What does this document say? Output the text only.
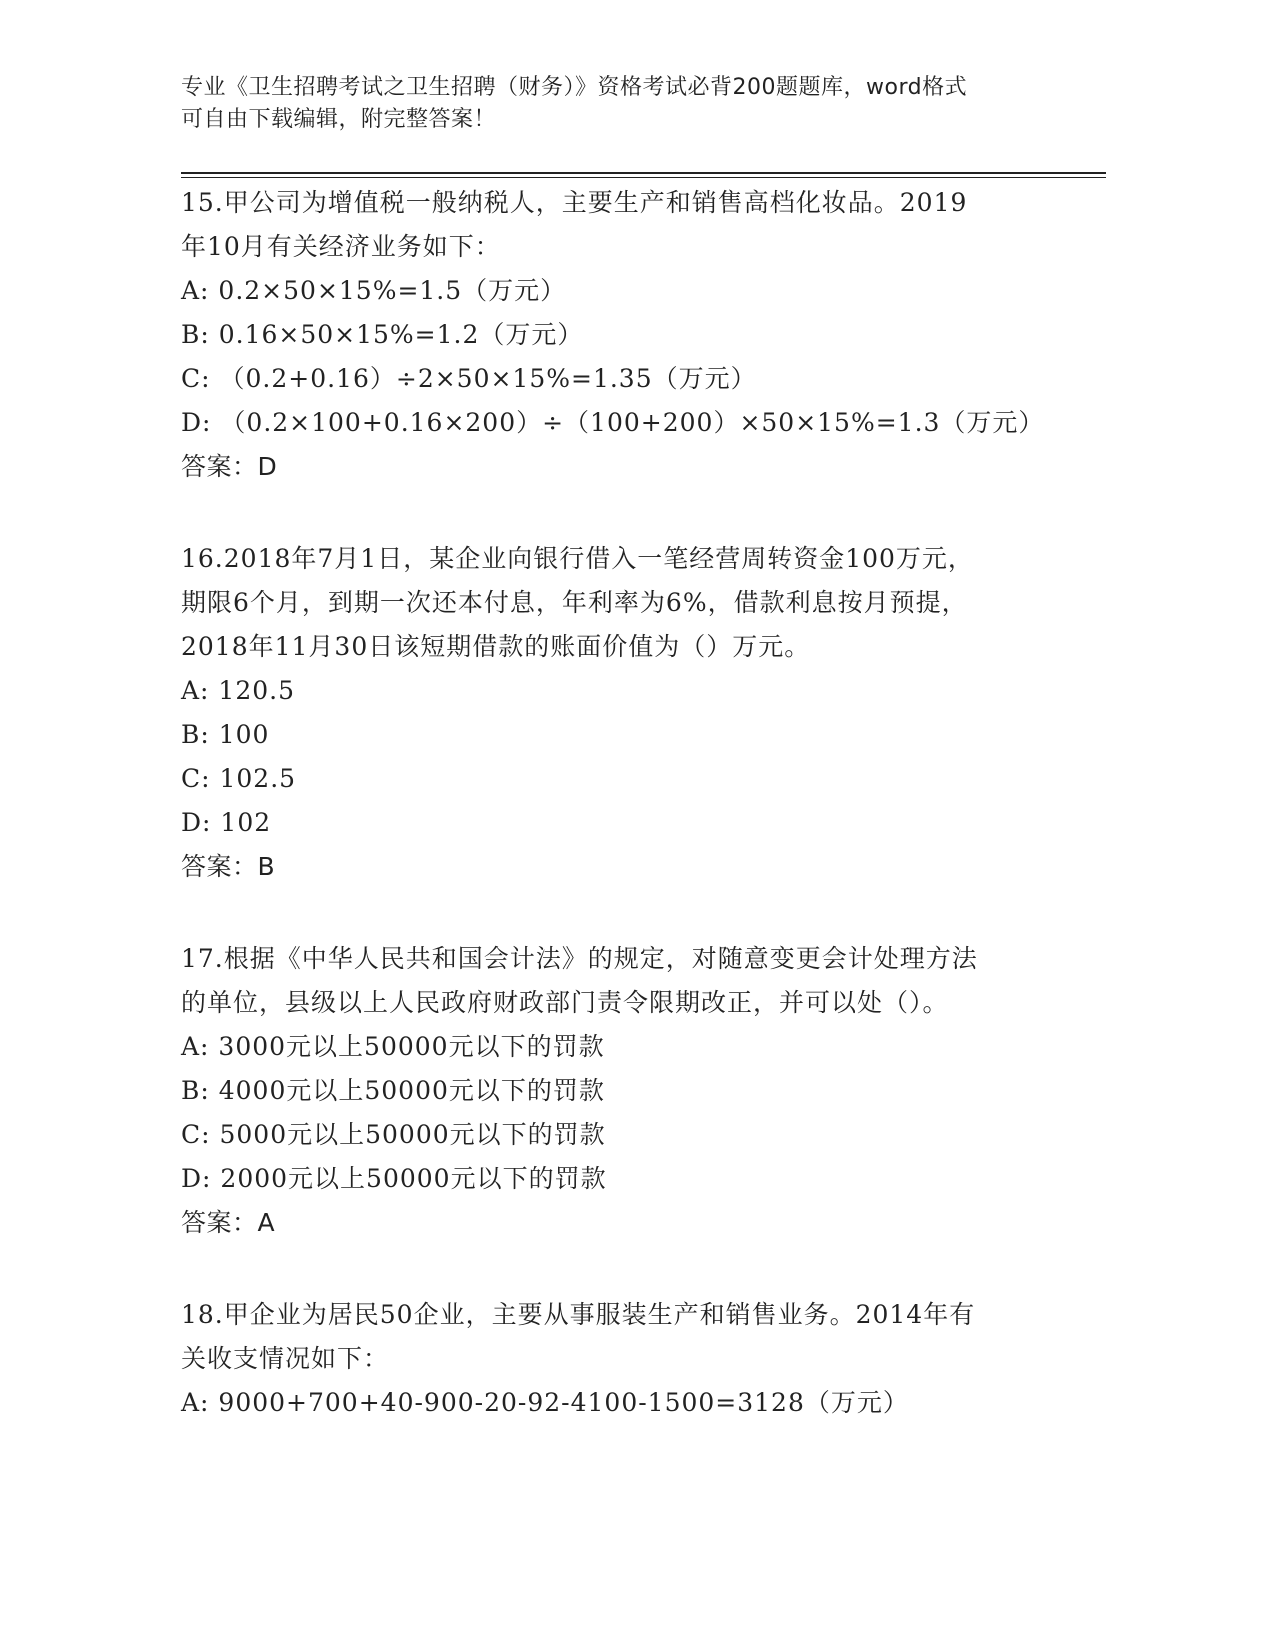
专业《卫生招聘考试之卫生招聘（财务）》资格考试必背200题题库，word格式
可自由下载编辑，附完整答案！
15.甲公司为增值税一般纳税人，主要生产和销售高档化妆品。2019
年10月有关经济业务如下：
A: 0.2×50×15%=1.5（万元）
B: 0.16×50×15%=1.2（万元）
C: （0.2+0.16）÷2×50×15%=1.35（万元）
D: （0.2×100+0.16×200）÷（100+200）×50×15%=1.3（万元）
答案：D
16.2018年7月1日，某企业向银行借入一笔经营周转资金100万元，
期限6个月，到期一次还本付息，年利率为6%，借款利息按月预提，
2018年11月30日该短期借款的账面价值为（）万元。
A: 120.5
B: 100
C: 102.5
D: 102
答案：B
17.根据《中华人民共和国会计法》的规定，对随意变更会计处理方法
的单位，县级以上人民政府财政部门责令限期改正，并可以处（）。
A: 3000元以上50000元以下的罚款
B: 4000元以上50000元以下的罚款
C: 5000元以上50000元以下的罚款
D: 2000元以上50000元以下的罚款
答案：A
18.甲企业为居民50企业，主要从事服装生产和销售业务。2014年有
关收支情况如下：
A: 9000+700+40-900-20-92-4100-1500=3128（万元）
